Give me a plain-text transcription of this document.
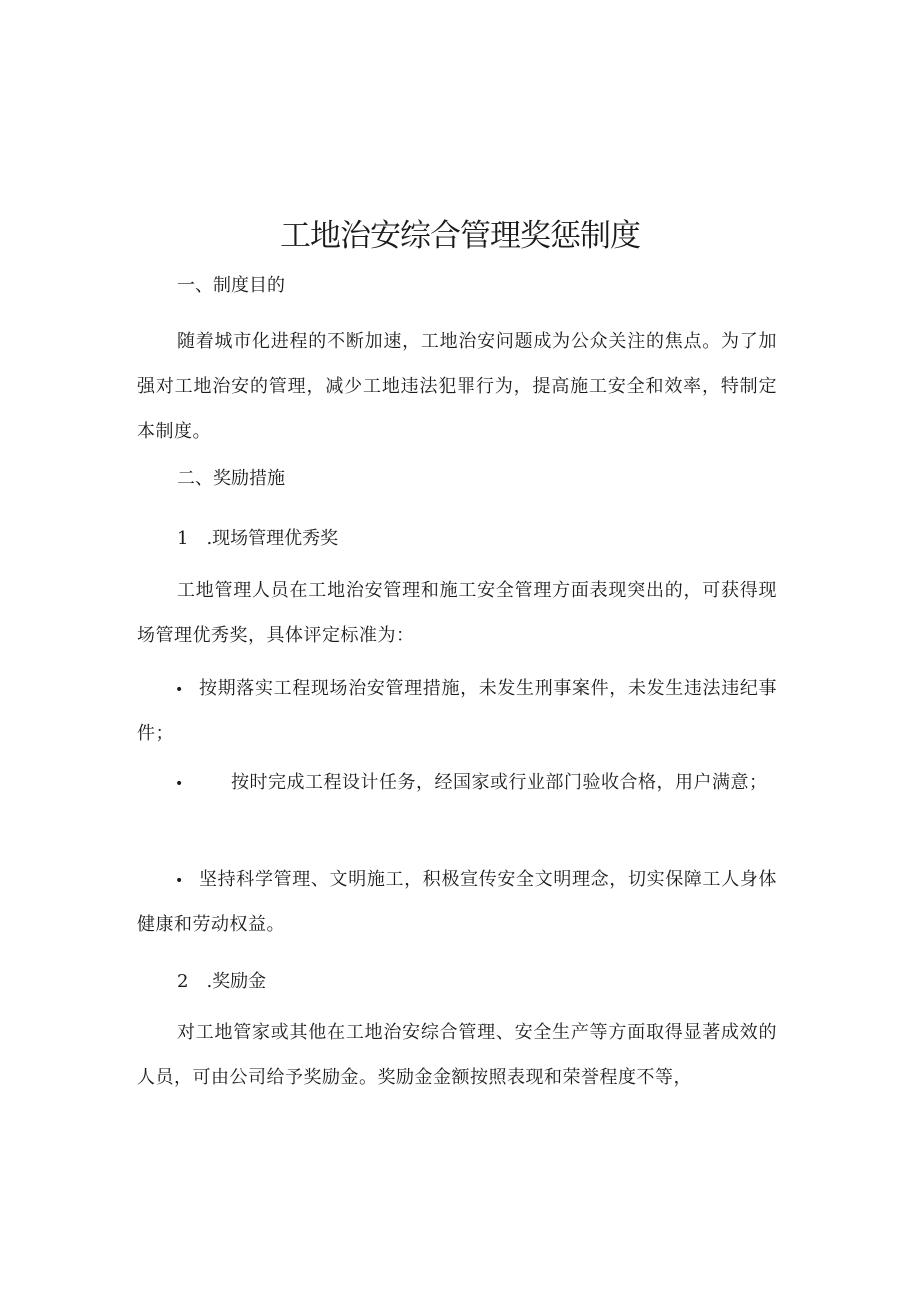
工地治安综合管理奖惩制度

一、制度目的

随着城市化进程的不断加速，工地治安问题成为公众关注的焦点。为了加强对工地治安的管理，减少工地违法犯罪行为，提高施工安全和效率，特制定本制度。

二、奖励措施

1 .现场管理优秀奖

工地管理人员在工地治安管理和施工安全管理方面表现突出的，可获得现场管理优秀奖，具体评定标准为：

• 按期落实工程现场治安管理措施，未发生刑事案件，未发生违法违纪事件；

•	按时完成工程设计任务，经国家或行业部门验收合格，用户满意；

• 坚持科学管理、文明施工，积极宣传安全文明理念，切实保障工人身体健康和劳动权益。

2 .奖励金

对工地管家或其他在工地治安综合管理、安全生产等方面取得显著成效的人员，可由公司给予奖励金。奖励金金额按照表现和荣誉程度不等，
